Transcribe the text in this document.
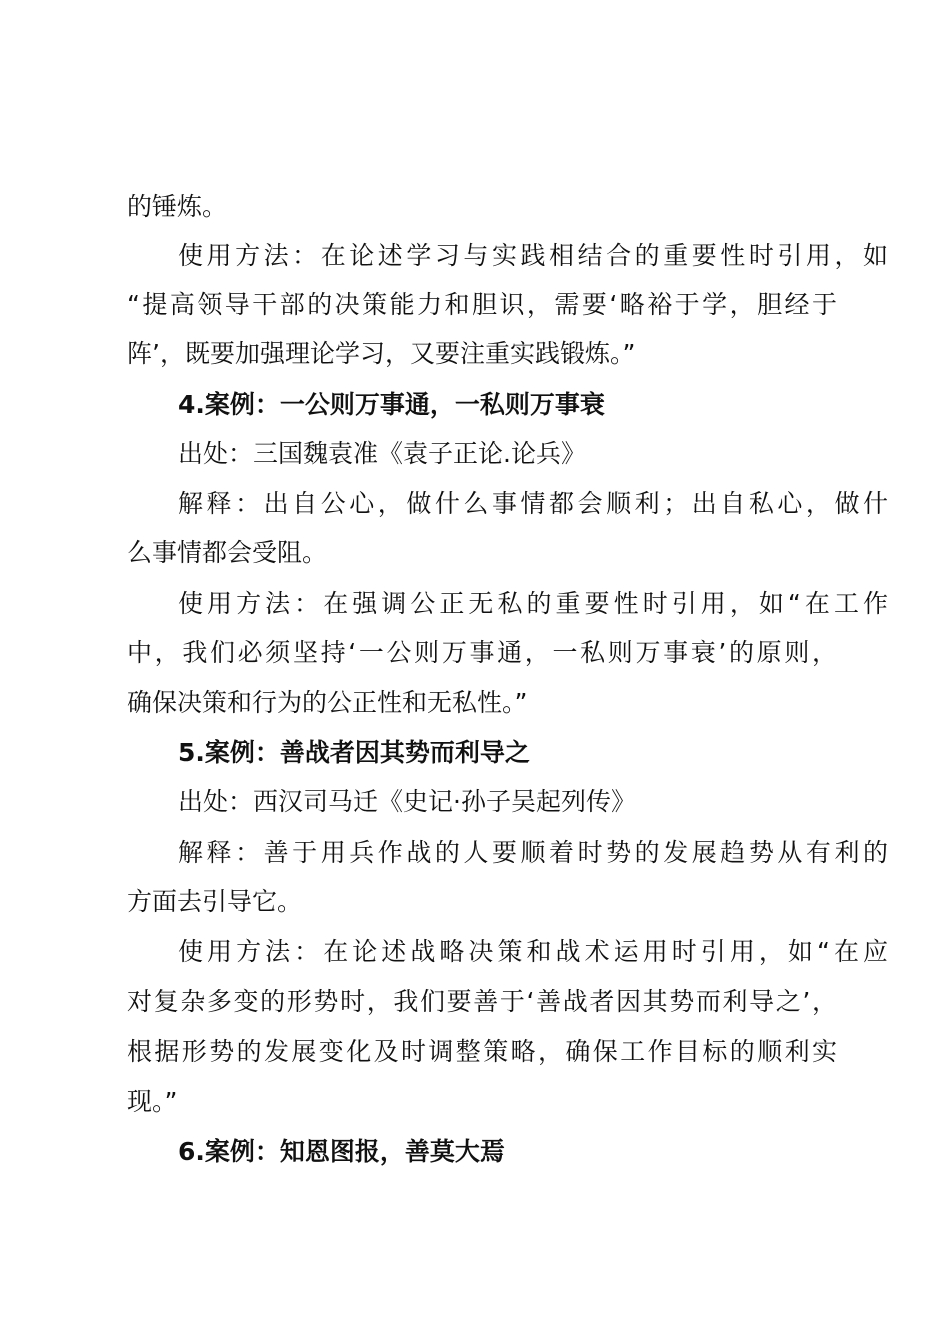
的锤炼。
使用方法：在论述学习与实践相结合的重要性时引用，如
“提高领导干部的决策能力和胆识，需要‘略裕于学，胆经于
阵’，既要加强理论学习，又要注重实践锻炼。”
4.案例：一公则万事通，一私则万事衰
出处：三国魏袁准《袁子正论.论兵》
解释：出自公心，做什么事情都会顺利；出自私心，做什
么事情都会受阻。
使用方法：在强调公正无私的重要性时引用，如“在工作
中，我们必须坚持‘一公则万事通，一私则万事衰’的原则，
确保决策和行为的公正性和无私性。”
5.案例：善战者因其势而利导之
出处：西汉司马迁《史记·孙子吴起列传》
解释：善于用兵作战的人要顺着时势的发展趋势从有利的
方面去引导它。
使用方法：在论述战略决策和战术运用时引用，如“在应
对复杂多变的形势时，我们要善于‘善战者因其势而利导之’，
根据形势的发展变化及时调整策略，确保工作目标的顺利实
现。”
6.案例：知恩图报，善莫大焉
